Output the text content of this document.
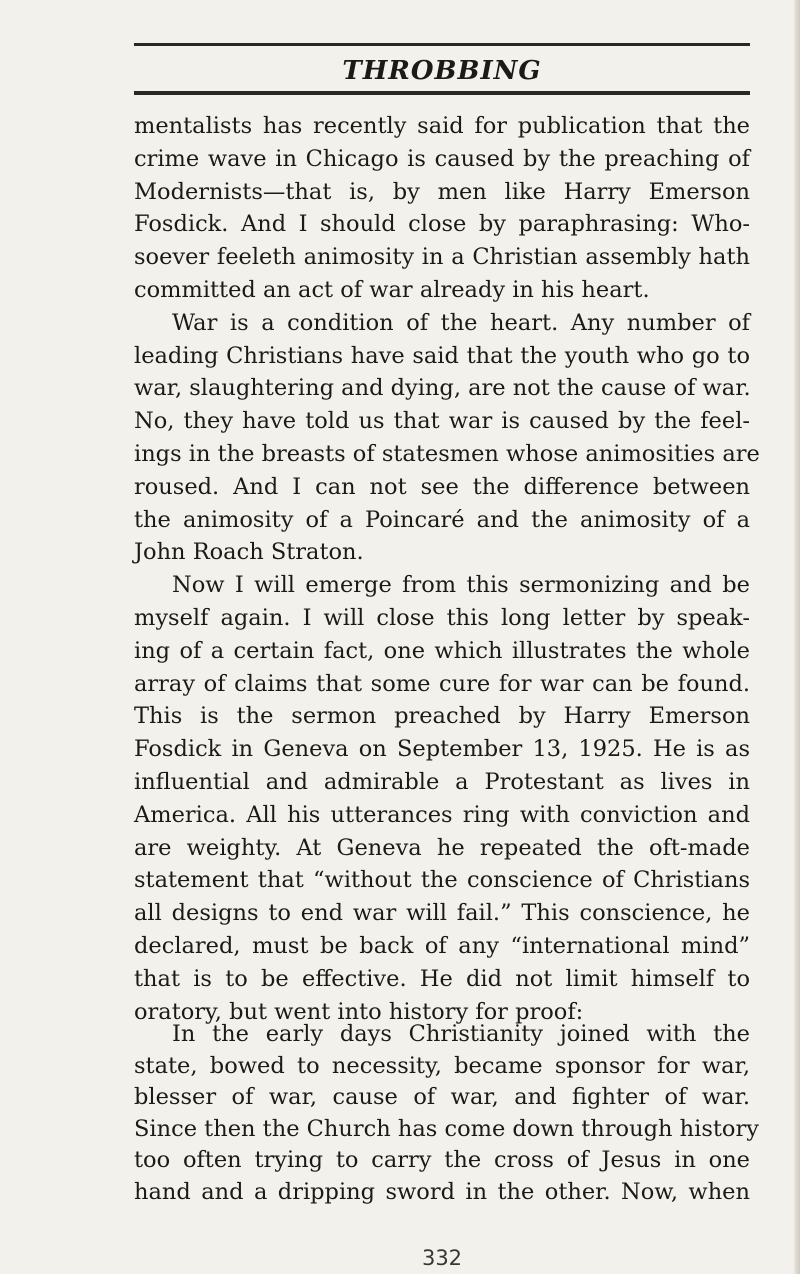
THROBBING
mentalists has recently said for publication that the
crime wave in Chicago is caused by the preaching of
Modernists—that is, by men like Harry Emerson
Fosdick. And I should close by paraphrasing: Who-
soever feeleth animosity in a Christian assembly hath
committed an act of war already in his heart.
War is a condition of the heart. Any number of
leading Christians have said that the youth who go to
war, slaughtering and dying, are not the cause of war.
No, they have told us that war is caused by the feel-
ings in the breasts of statesmen whose animosities are
roused. And I can not see the difference between
the animosity of a Poincaré and the animosity of a
John Roach Straton.
Now I will emerge from this sermonizing and be
myself again. I will close this long letter by speak-
ing of a certain fact, one which illustrates the whole
array of claims that some cure for war can be found.
This is the sermon preached by Harry Emerson
Fosdick in Geneva on September 13, 1925. He is as
influential and admirable a Protestant as lives in
America. All his utterances ring with conviction and
are weighty. At Geneva he repeated the oft-made
statement that “without the conscience of Christians
all designs to end war will fail.” This conscience, he
declared, must be back of any “international mind”
that is to be effective. He did not limit himself to
oratory, but went into history for proof:
In the early days Christianity joined with the
state, bowed to necessity, became sponsor for war,
blesser of war, cause of war, and fighter of war.
Since then the Church has come down through history
too often trying to carry the cross of Jesus in one
hand and a dripping sword in the other. Now, when
332
